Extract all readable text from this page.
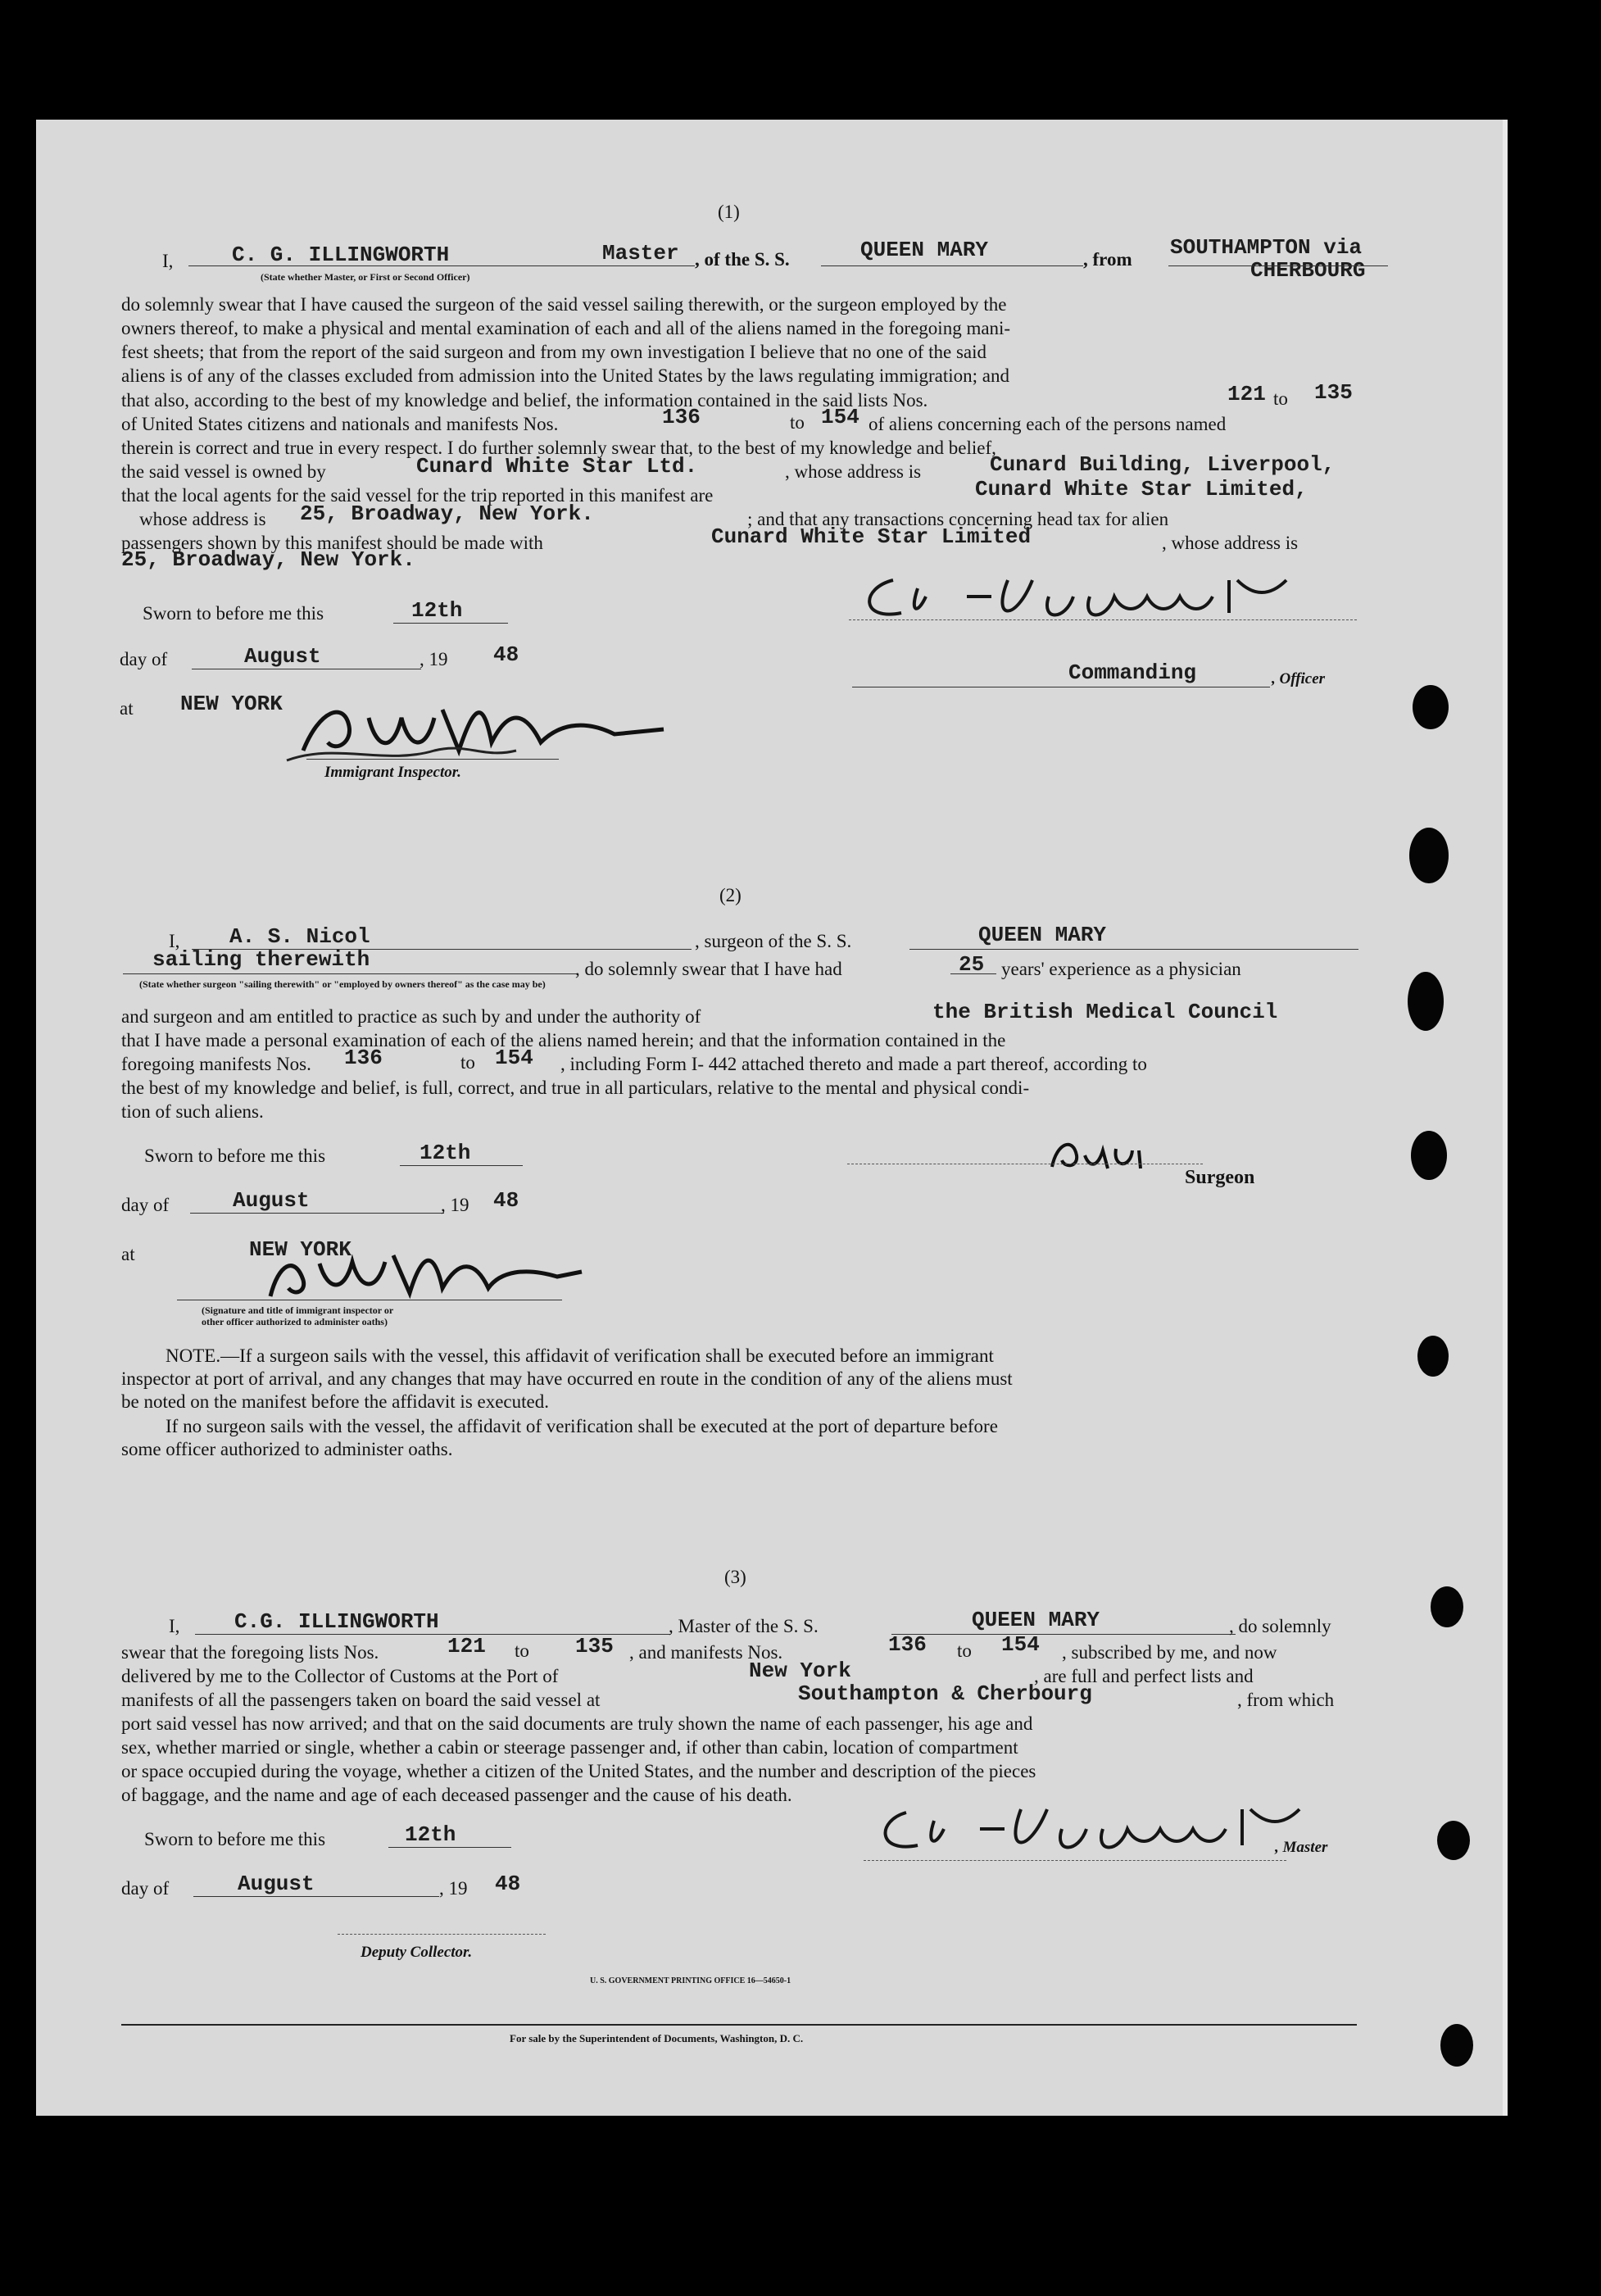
(1)
I,	C. G. ILLINGWORTH	Master
(State whether Master, or First or Second Officer)
, of the S. S.	QUEEN MARY	, from SOUTHAMPTON via
CHERBOURG
do solemnly swear that I have caused the surgeon of the said vessel sailing therewith, or the surgeon employed by the
owners thereof, to make a physical and mental examination of each and all of the aliens named in the foregoing mani-
fest sheets; that from the report of the said surgeon and from my own investigation I believe that no one of the said
aliens is of any of the classes excluded from admission into the United States by the laws regulating immigration; and
that also, according to the best of my knowledge and belief, the information contained in the said lists Nos.	121 to 135
of United States citizens and nationals and manifests Nos.	136	to 154 of aliens concerning each of the persons named
therein is correct and true in every respect. I do further solemnly swear that, to the best of my knowledge and belief,
the said vessel is owned by	Cunard White Star Ltd.	, whose address is	Cunard Building, Liverpool,
that the local agents for the said vessel for the trip reported in this manifest are	Cunard White Star Limited,
whose address is 25, Broadway, New York.	; and that any transactions concerning head tax for alien
passengers shown by this manifest should be made with	Cunard White Star Limited	, whose address is
25, Broadway, New York.
Sworn to before me this	12th
day of	August	, 19 48
at NEW YORK
Immigrant Inspector.
Commanding	, Officer
(2)
I, A. S. Nicol	, surgeon of the S. S.	QUEEN MARY
sailing therewith	, do solemnly swear that I have had	25 years' experience as a physician
(State whether surgeon "sailing therewith" or "employed by owners thereof" as the case may be)
and surgeon and am entitled to practice as such by and under the authority of	the British Medical Council
that I have made a personal examination of each of the aliens named herein; and that the information contained in the
foregoing manifests Nos. 136	to 154 , including Form I- 442 attached thereto and made a part thereof, according to
the best of my knowledge and belief, is full, correct, and true in all particulars, relative to the mental and physical condi-
tion of such aliens.
Sworn to before me this	12th
day of	August	, 19 48
at	NEW YORK
(Signature and title of immigrant inspector or
other officer authorized to administer oaths)
Surgeon
NOTE.—If a surgeon sails with the vessel, this affidavit of verification shall be executed before an immigrant
inspector at port of arrival, and any changes that may have occurred en route in the condition of any of the aliens must
be noted on the manifest before the affidavit is executed.
If no surgeon sails with the vessel, the affidavit of verification shall be executed at the port of departure before
some officer authorized to administer oaths.
(3)
I,	C.G. ILLINGWORTH	, Master of the S. S.	QUEEN MARY	, do solemnly
swear that the foregoing lists Nos.	121 to 135 , and manifests Nos.	136 to 154 , subscribed by me, and now
delivered by me to the Collector of Customs at the Port of	New York	, are full and perfect lists and
manifests of all the passengers taken on board the said vessel at	Southampton & Cherbourg	, from which
port said vessel has now arrived; and that on the said documents are truly shown the name of each passenger, his age and
sex, whether married or single, whether a cabin or steerage passenger and, if other than cabin, location of compartment
or space occupied during the voyage, whether a citizen of the United States, and the number and description of the pieces
of baggage, and the name and age of each deceased passenger and the cause of his death.
Sworn to before me this	12th
day of	August	, 19 48
Deputy Collector.
, Master
U. S. GOVERNMENT PRINTING OFFICE 16—54650-1
For sale by the Superintendent of Documents, Washington, D. C.
